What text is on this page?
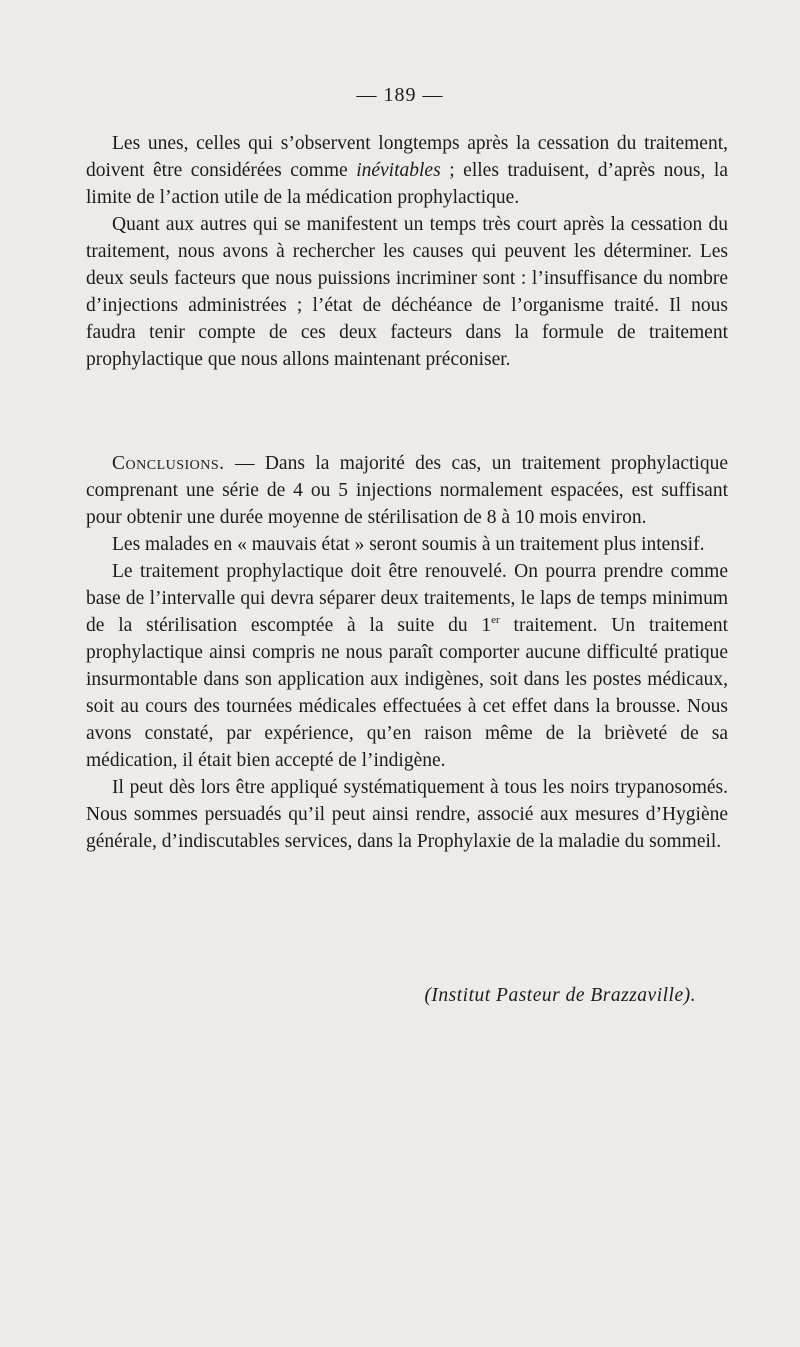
— 189 —

Les unes, celles qui s’observent longtemps après la cessation du traitement, doivent être considérées comme inévitables ; elles traduisent, d’après nous, la limite de l’action utile de la médication prophylactique.

Quant aux autres qui se manifestent un temps très court après la cessation du traitement, nous avons à rechercher les causes qui peuvent les déterminer. Les deux seuls facteurs que nous puissions incriminer sont : l’insuffisance du nombre d’injections administrées ; l’état de déchéance de l’organisme traité. Il nous faudra tenir compte de ces deux facteurs dans la formule de traitement prophylactique que nous allons maintenant préconiser.

Conclusions. — Dans la majorité des cas, un traitement prophylactique comprenant une série de 4 ou 5 injections normalement espacées, est suffisant pour obtenir une durée moyenne de stérilisation de 8 à 10 mois environ.

Les malades en « mauvais état » seront soumis à un traitement plus intensif.

Le traitement prophylactique doit être renouvelé. On pourra prendre comme base de l’intervalle qui devra séparer deux traitements, le laps de temps minimum de la stérilisation escomptée à la suite du 1er traitement. Un traitement prophylactique ainsi compris ne nous paraît comporter aucune difficulté pratique insurmontable dans son application aux indigènes, soit dans les postes médicaux, soit au cours des tournées médicales effectuées à cet effet dans la brousse. Nous avons constaté, par expérience, qu’en raison même de la brièveté de sa médication, il était bien accepté de l’indigène.

Il peut dès lors être appliqué systématiquement à tous les noirs trypanosomés. Nous sommes persuadés qu’il peut ainsi rendre, associé aux mesures d’Hygiène générale, d’indiscutables services, dans la Prophylaxie de la maladie du sommeil.

(Institut Pasteur de Brazzaville).
